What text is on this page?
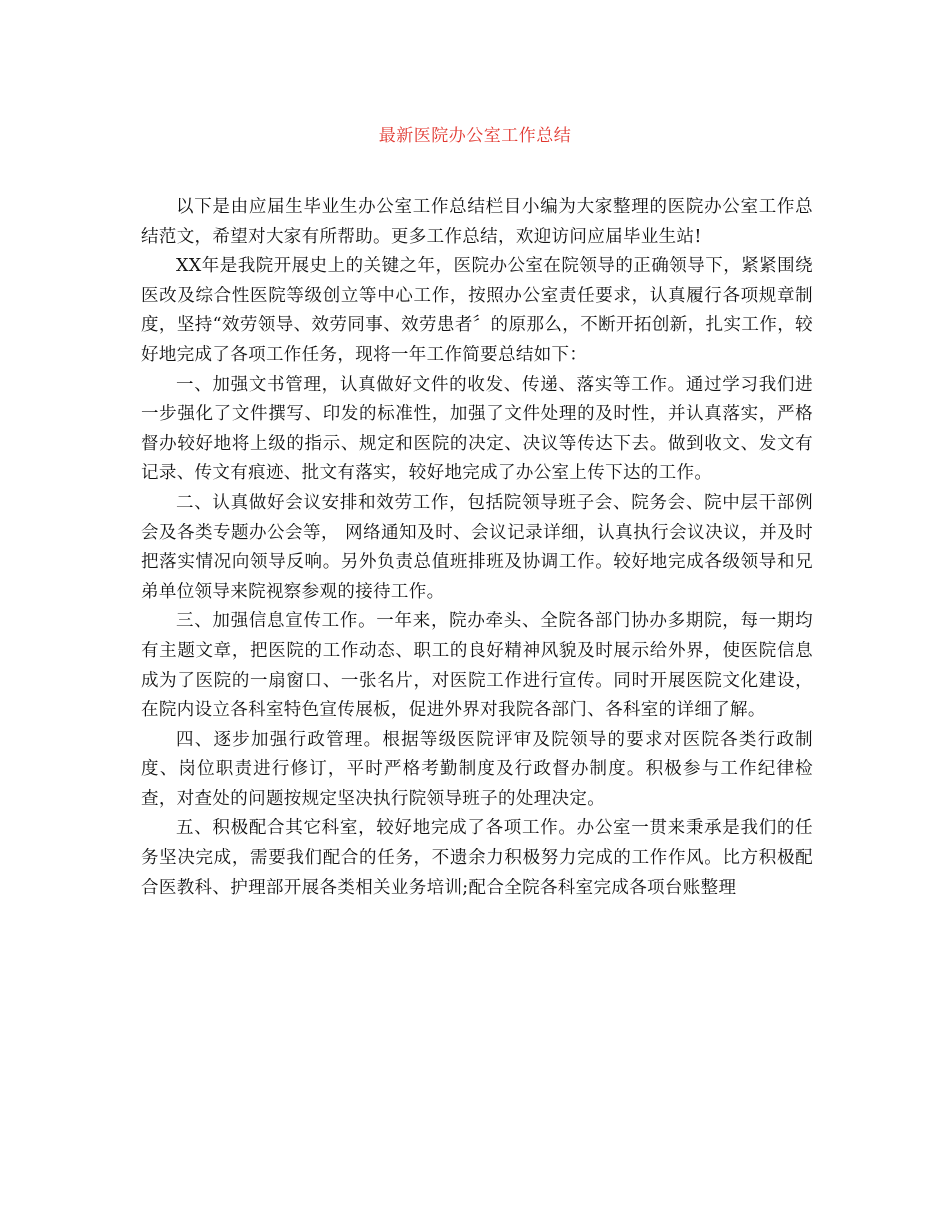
最新医院办公室工作总结

以下是由应届生毕业生办公室工作总结栏目小编为大家整理的医院办公室工作总结范文，希望对大家有所帮助。更多工作总结，欢迎访问应届毕业生站!

XX年是我院开展史上的关键之年，医院办公室在院领导的正确领导下，紧紧围绕医改及综合性医院等级创立等中心工作，按照办公室责任要求，认真履行各项规章制度，坚持“效劳领导、效劳同事、效劳患者〞的原那么，不断开拓创新，扎实工作，较好地完成了各项工作任务，现将一年工作简要总结如下：

一、加强文书管理，认真做好文件的收发、传递、落实等工作。通过学习我们进一步强化了文件撰写、印发的标准性，加强了文件处理的及时性，并认真落实，严格督办较好地将上级的指示、规定和医院的决定、决议等传达下去。做到收文、发文有记录、传文有痕迹、批文有落实，较好地完成了办公室上传下达的工作。

二、认真做好会议安排和效劳工作，包括院领导班子会、院务会、院中层干部例会及各类专题办公会等， 网络通知及时、会议记录详细，认真执行会议决议，并及时把落实情况向领导反响。另外负责总值班排班及协调工作。较好地完成各级领导和兄弟单位领导来院视察参观的接待工作。

三、加强信息宣传工作。一年来，院办牵头、全院各部门协办多期院，每一期均有主题文章，把医院的工作动态、职工的良好精神风貌及时展示给外界，使医院信息成为了医院的一扇窗口、一张名片，对医院工作进行宣传。同时开展医院文化建设，在院内设立各科室特色宣传展板，促进外界对我院各部门、各科室的详细了解。

四、逐步加强行政管理。根据等级医院评审及院领导的要求对医院各类行政制度、岗位职责进行修订，平时严格考勤制度及行政督办制度。积极参与工作纪律检查，对查处的问题按规定坚决执行院领导班子的处理决定。

五、积极配合其它科室，较好地完成了各项工作。办公室一贯来秉承是我们的任务坚决完成，需要我们配合的任务，不遗余力积极努力完成的工作作风。比方积极配合医教科、护理部开展各类相关业务培训;配合全院各科室完成各项台账整理
